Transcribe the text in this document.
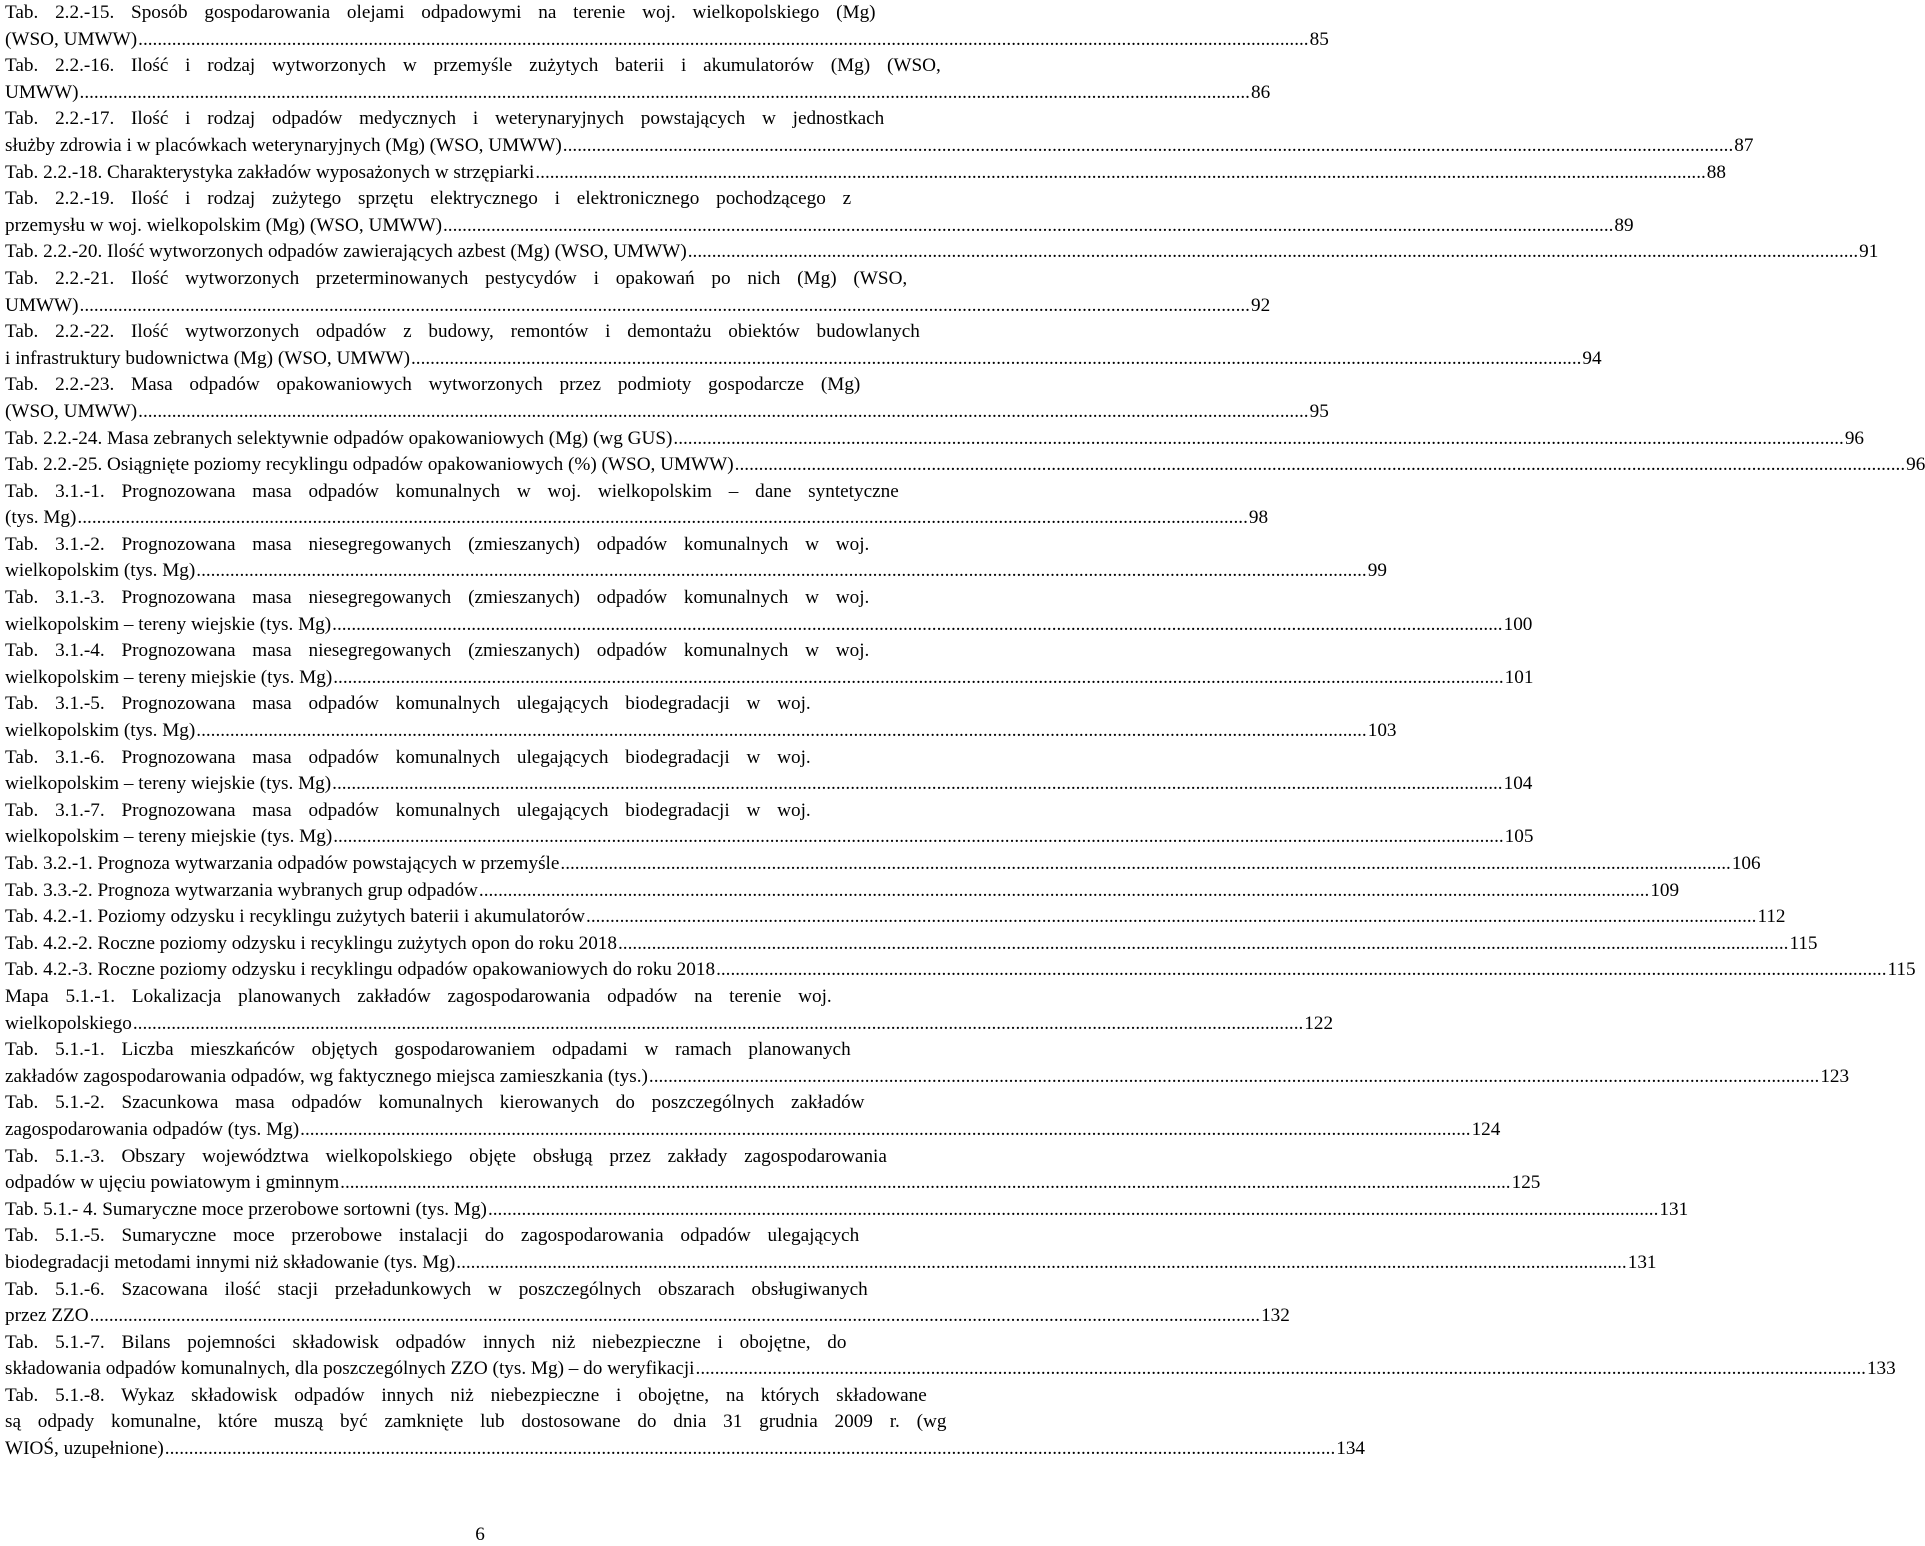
Tab. 2.2.-15. Sposób gospodarowania olejami odpadowymi na terenie woj. wielkopolskiego (Mg)
(WSO, UMWW) .....	85
Tab. 2.2.-16. Ilość i rodzaj wytworzonych w przemyśle zużytych baterii i akumulatorów (Mg) (WSO,
UMWW) .....	86
Tab. 2.2.-17. Ilość i rodzaj odpadów medycznych i weterynaryjnych powstających w jednostkach
służby zdrowia i w placówkach weterynaryjnych (Mg) (WSO, UMWW) .....	87
Tab. 2.2.-18. Charakterystyka zakładów wyposażonych w strzępiarki .....	88
Tab. 2.2.-19. Ilość i rodzaj zużytego sprzętu elektrycznego i elektronicznego pochodzącego z
przemysłu w woj. wielkopolskim (Mg) (WSO, UMWW) .....	89
Tab. 2.2.-20. Ilość wytworzonych odpadów zawierających azbest (Mg) (WSO, UMWW) .....	91
Tab. 2.2.-21. Ilość wytworzonych przeterminowanych pestycydów i opakowań po nich (Mg) (WSO,
UMWW) .....	92
Tab. 2.2.-22. Ilość wytworzonych odpadów z budowy, remontów i demontażu obiektów budowlanych
i infrastruktury budownictwa (Mg) (WSO, UMWW) .....	94
Tab. 2.2.-23. Masa odpadów opakowaniowych wytworzonych przez podmioty gospodarcze (Mg)
(WSO, UMWW) .....	95
Tab. 2.2.-24. Masa zebranych selektywnie odpadów opakowaniowych (Mg) (wg GUS) .....	96
Tab. 2.2.-25. Osiągnięte poziomy recyklingu odpadów opakowaniowych (%) (WSO, UMWW) .....	96
Tab. 3.1.-1. Prognozowana masa odpadów komunalnych w woj. wielkopolskim – dane syntetyczne
(tys. Mg) .....	98
Tab. 3.1.-2. Prognozowana masa niesegregowanych (zmieszanych) odpadów komunalnych w woj.
wielkopolskim (tys. Mg) .....	99
Tab. 3.1.-3. Prognozowana masa niesegregowanych (zmieszanych) odpadów komunalnych w woj.
wielkopolskim – tereny wiejskie (tys. Mg) .....	100
Tab. 3.1.-4. Prognozowana masa niesegregowanych (zmieszanych) odpadów komunalnych w woj.
wielkopolskim – tereny miejskie (tys. Mg) .....	101
Tab. 3.1.-5. Prognozowana masa odpadów komunalnych ulegających biodegradacji w woj.
wielkopolskim (tys. Mg) .....	103
Tab. 3.1.-6. Prognozowana masa odpadów komunalnych ulegających biodegradacji w woj.
wielkopolskim – tereny wiejskie (tys. Mg) .....	104
Tab. 3.1.-7. Prognozowana masa odpadów komunalnych ulegających biodegradacji w woj.
wielkopolskim – tereny miejskie (tys. Mg) .....	105
Tab. 3.2.-1. Prognoza wytwarzania odpadów powstających w przemyśle .....	106
Tab. 3.3.-2. Prognoza wytwarzania wybranych grup odpadów .....	109
Tab. 4.2.-1. Poziomy odzysku i recyklingu zużytych baterii i akumulatorów .....	112
Tab. 4.2.-2. Roczne poziomy odzysku i recyklingu zużytych opon do roku 2018 .....	115
Tab. 4.2.-3. Roczne poziomy odzysku i recyklingu odpadów opakowaniowych do roku 2018 .....	115
Mapa 5.1.-1. Lokalizacja planowanych zakładów zagospodarowania odpadów na terenie woj.
wielkopolskiego .....	122
Tab. 5.1.-1. Liczba mieszkańców objętych gospodarowaniem odpadami w ramach planowanych
zakładów zagospodarowania odpadów, wg faktycznego miejsca zamieszkania (tys.) .....	123
Tab. 5.1.-2. Szacunkowa masa odpadów komunalnych kierowanych do poszczególnych zakładów
zagospodarowania odpadów (tys. Mg) .....	124
Tab. 5.1.-3. Obszary województwa wielkopolskiego objęte obsługą przez zakłady zagospodarowania
odpadów w ujęciu powiatowym i gminnym .....	125
Tab. 5.1.- 4. Sumaryczne moce przerobowe sortowni (tys. Mg) .....	131
Tab. 5.1.-5. Sumaryczne moce przerobowe instalacji do zagospodarowania odpadów ulegających
biodegradacji metodami innymi niż składowanie (tys. Mg) .....	131
Tab. 5.1.-6. Szacowana ilość stacji przeładunkowych w poszczególnych obszarach obsługiwanych
przez ZZO .....	132
Tab. 5.1.-7. Bilans pojemności składowisk odpadów innych niż niebezpieczne i obojętne, do
składowania odpadów komunalnych, dla poszczególnych ZZO (tys. Mg) – do weryfikacji .....	133
Tab. 5.1.-8. Wykaz składowisk odpadów innych niż niebezpieczne i obojętne, na których składowane
są odpady komunalne, które muszą być zamknięte lub dostosowane do dnia 31 grudnia 2009 r. (wg
WIOŚ, uzupełnione) .....	134
6
